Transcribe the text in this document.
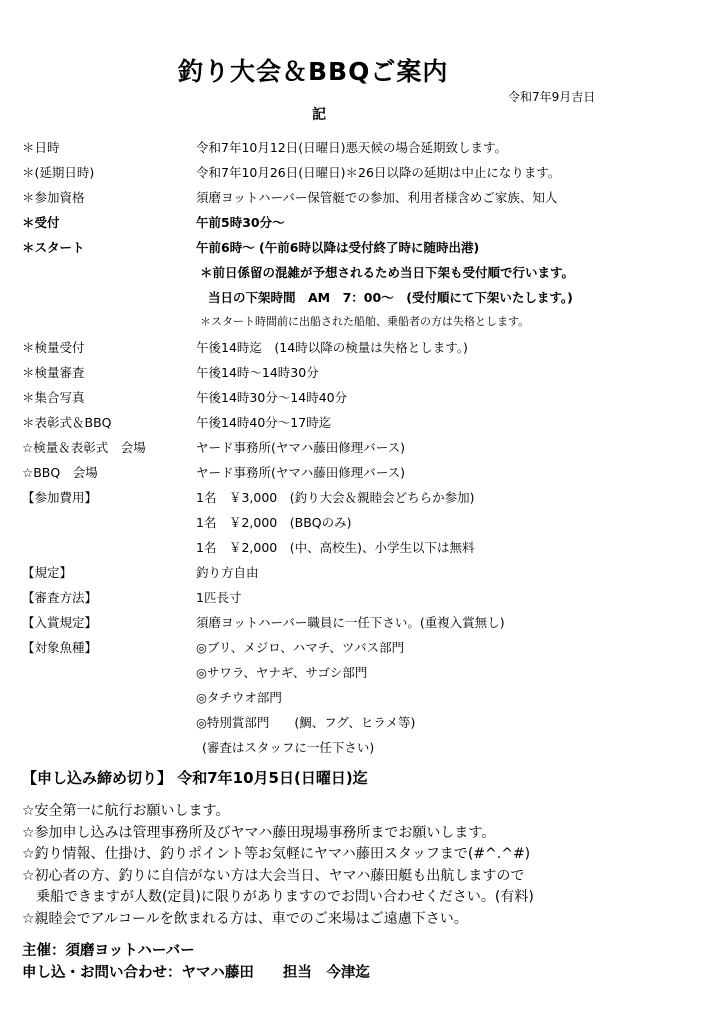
釣り大会＆BBQご案内
令和7年9月吉日
記
＊日時	令和7年10月12日(日曜日)悪天候の場合延期致します。
＊(延期日時)	令和7年10月26日(日曜日)＊26日以降の延期は中止になります。
＊参加資格	須磨ヨットハーバー保管艇での参加、利用者様含めご家族、知人
＊受付	午前5時30分～
＊スタート	午前6時～ (午前6時以降は受付終了時に随時出港)
＊前日係留の混雑が予想されるため当日下架も受付順で行います。
当日の下架時間　AM　7：00～　(受付順にて下架いたします。)
＊スタート時間前に出船された船舶、乗船者の方は失格とします。
＊検量受付	午後14時迄　(14時以降の検量は失格とします。)
＊検量審査	午後14時～14時30分
＊集合写真	午後14時30分～14時40分
＊表彰式＆BBQ	午後14時40分～17時迄
☆検量＆表彰式　会場	ヤード事務所(ヤマハ藤田修理バース)
☆BBQ　会場	ヤード事務所(ヤマハ藤田修理バース)
【参加費用】	1名　￥3,000　(釣り大会＆親睦会どちらか参加)
1名　￥2,000　(BBQのみ)
1名　￥2,000　(中、高校生)、小学生以下は無料
【規定】	釣り方自由
【審査方法】	1匹長寸
【入賞規定】	須磨ヨットハーバー職員に一任下さい。(重複入賞無し)
【対象魚種】	◎ブリ、メジロ、ハマチ、ツバス部門
◎サワラ、ヤナギ、サゴシ部門
◎タチウオ部門
◎特別賞部門　　(鯛、フグ、ヒラメ等)
(審査はスタッフに一任下さい)
【申し込み締め切り】 令和7年10月5日(日曜日)迄
☆安全第一に航行お願いします。
☆参加申し込みは管理事務所及びヤマハ藤田現場事務所までお願いします。
☆釣り情報、仕掛け、釣りポイント等お気軽にヤマハ藤田スタッフまで(#^.^#)
☆初心者の方、釣りに自信がない方は大会当日、ヤマハ藤田艇も出航しますので
　乗船できますが人数(定員)に限りがありますのでお問い合わせください。(有料)
☆親睦会でアルコールを飲まれる方は、車でのご来場はご遠慮下さい。
主催：須磨ヨットハーバー
申し込・お問い合わせ：ヤマハ藤田　　担当　今津迄
